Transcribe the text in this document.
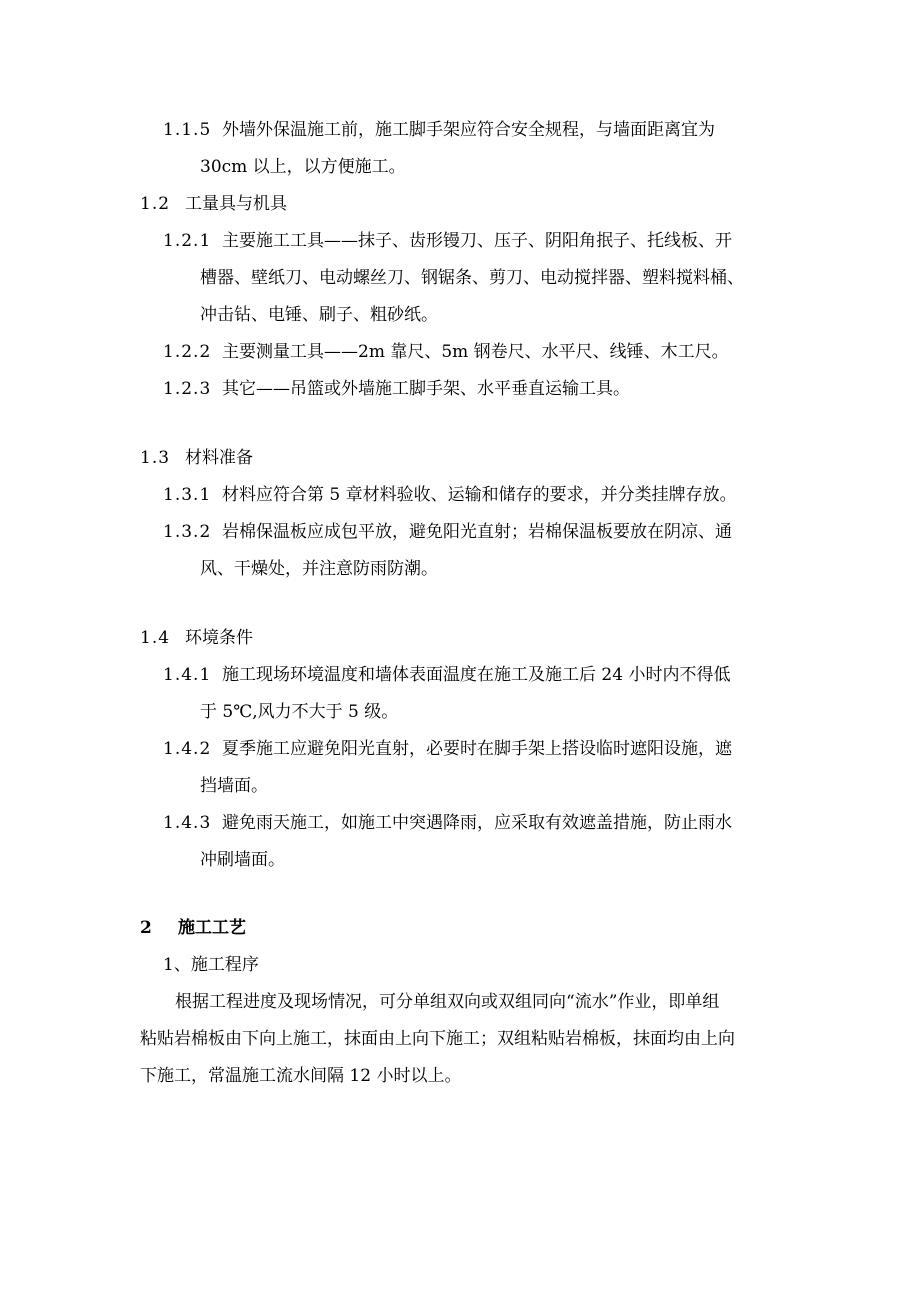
1.1.5 外墙外保温施工前，施工脚手架应符合安全规程，与墙面距离宜为
30cm 以上，以方便施工。
1.2 工量具与机具
1.2.1 主要施工工具——抹子、齿形镘刀、压子、阴阳角抿子、托线板、开
槽器、壁纸刀、电动螺丝刀、钢锯条、剪刀、电动搅拌器、塑料搅料桶、
冲击钻、电锤、刷子、粗砂纸。
1.2.2 主要测量工具——2m 靠尺、5m 钢卷尺、水平尺、线锤、木工尺。
1.2.3 其它——吊篮或外墙施工脚手架、水平垂直运输工具。
1.3 材料准备
1.3.1 材料应符合第 5 章材料验收、运输和储存的要求，并分类挂牌存放。
1.3.2 岩棉保温板应成包平放，避免阳光直射；岩棉保温板要放在阴凉、通
风、干燥处，并注意防雨防潮。
1.4 环境条件
1.4.1 施工现场环境温度和墙体表面温度在施工及施工后 24 小时内不得低
于 5℃,风力不大于 5 级。
1.4.2 夏季施工应避免阳光直射，必要时在脚手架上搭设临时遮阳设施，遮
挡墙面。
1.4.3 避免雨天施工，如施工中突遇降雨，应采取有效遮盖措施，防止雨水
冲刷墙面。
2 施工工艺
1、施工程序
根据工程进度及现场情况，可分单组双向或双组同向“流水”作业，即单组
粘贴岩棉板由下向上施工，抹面由上向下施工；双组粘贴岩棉板，抹面均由上向
下施工，常温施工流水间隔 12 小时以上。
